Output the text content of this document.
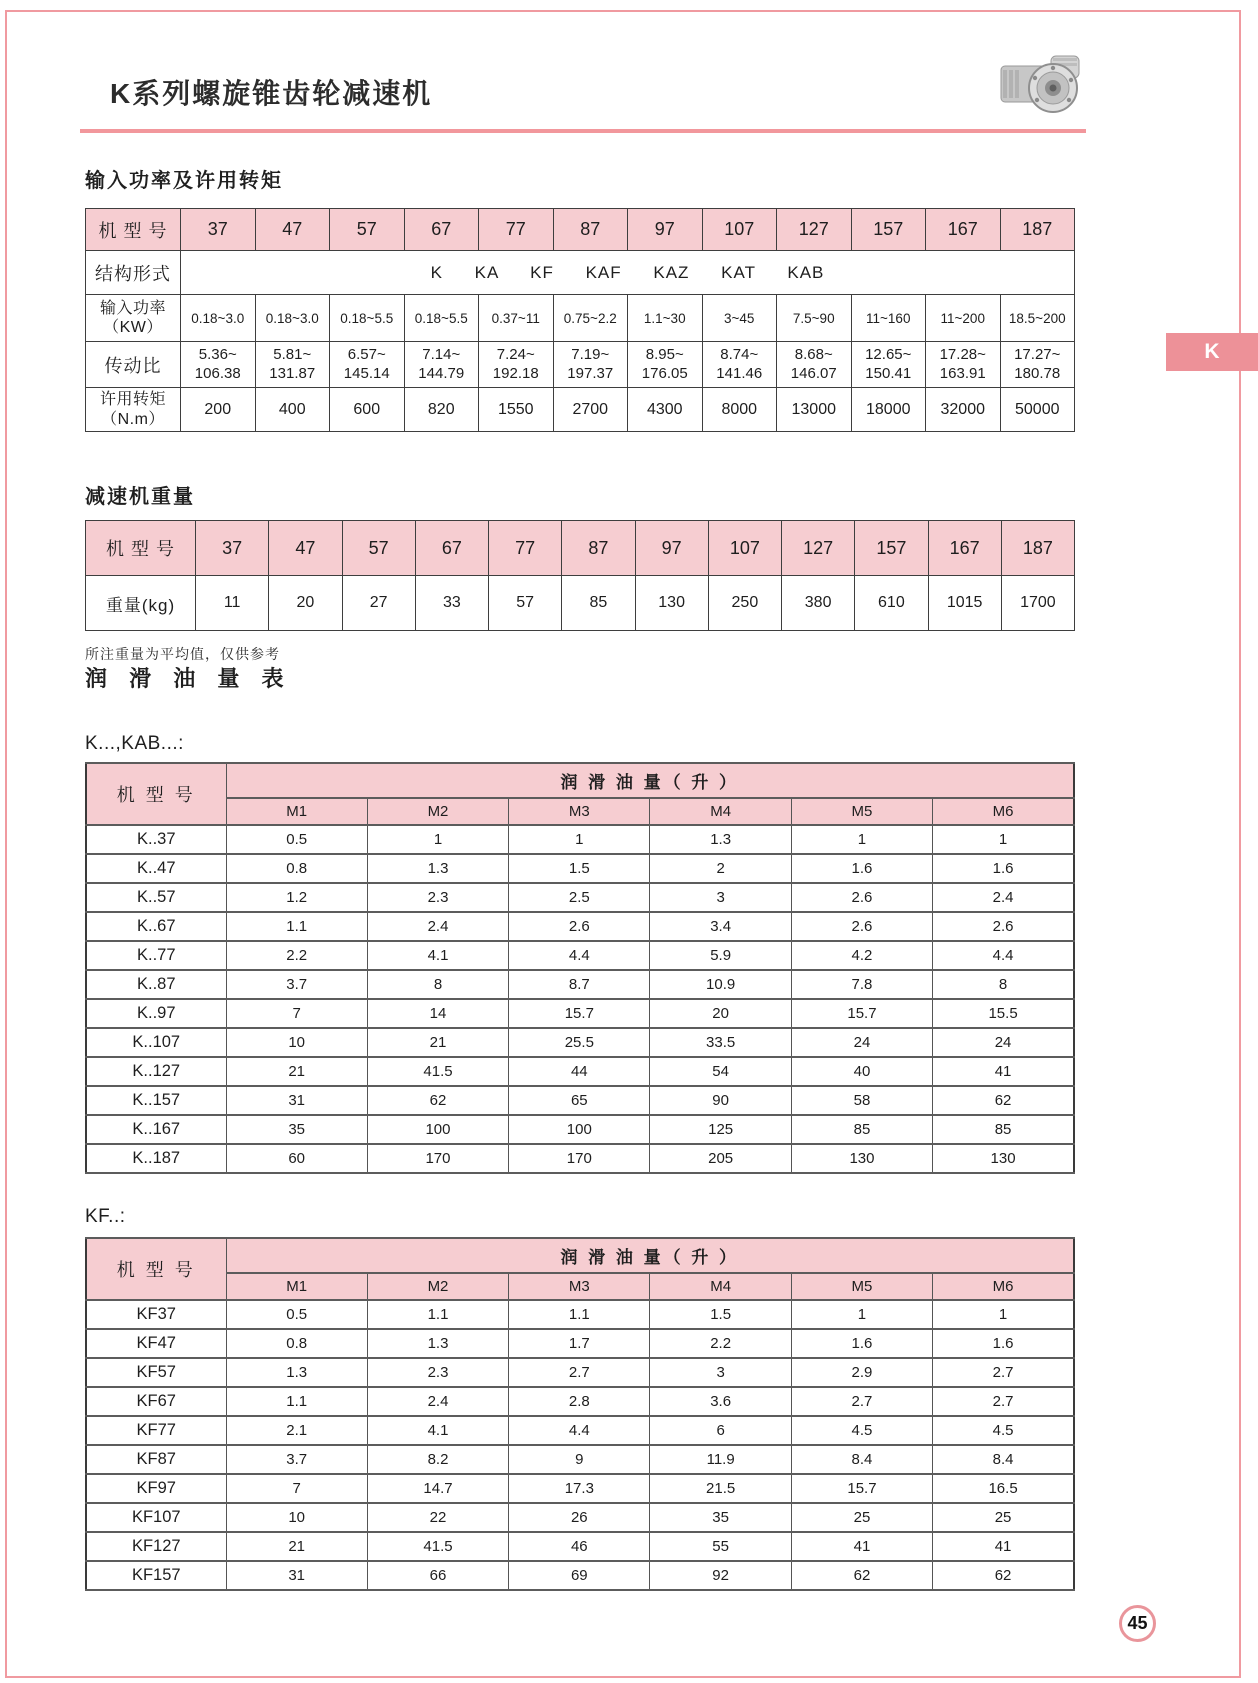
K系列螺旋锥齿轮减速机
K
输入功率及许用转矩
机 型 号	37	47	57	67	77	87	97	107	127	157	167	187
结构形式	K KA KF KAF KAZ KAT KAB											

输入功率
（KW）	0.18~3.0	0.18~3.0	0.18~5.5	0.18~5.5	0.37~11	0.75~2.2	1.1~30	3~45	7.5~90	11~160	11~200	18.5~200
传动比	5.36~ 106.38	5.81~ 131.87	6.57~ 145.14	7.14~ 144.79	7.24~ 192.18	7.19~ 197.37	8.95~ 176.05	8.74~ 141.46	8.68~ 146.07	12.65~ 150.41	17.28~ 163.91	17.27~ 180.78

许用转矩
（N.m）	200	400	600	820	1550	2700	4300	8000	13000	18000	32000	50000
减速机重量
机 型 号	37	47	57	67	77	87	97	107	127	157	167	187
重量(kg)	11	20	27	33	57	85	130	250	380	610	1015	1700
所注重量为平均值，仅供参考
润 滑 油 量 表
K...,KAB...:
机 型 号	润 滑 油 量（ 升 ）					
	M1	M2	M3	M4	M5	M6
K..37	0.5	1	1	1.3	1	1
K..47	0.8	1.3	1.5	2	1.6	1.6
K..57	1.2	2.3	2.5	3	2.6	2.4
K..67	1.1	2.4	2.6	3.4	2.6	2.6
K..77	2.2	4.1	4.4	5.9	4.2	4.4
K..87	3.7	8	8.7	10.9	7.8	8
K..97	7	14	15.7	20	15.7	15.5
K..107	10	21	25.5	33.5	24	24
K..127	21	41.5	44	54	40	41
K..157	31	62	65	90	58	62
K..167	35	100	100	125	85	85
K..187	60	170	170	205	130	130
KF..:
机 型 号	润 滑 油 量（ 升 ）					
	M1	M2	M3	M4	M5	M6
KF37	0.5	1.1	1.1	1.5	1	1
KF47	0.8	1.3	1.7	2.2	1.6	1.6
KF57	1.3	2.3	2.7	3	2.9	2.7
KF67	1.1	2.4	2.8	3.6	2.7	2.7
KF77	2.1	4.1	4.4	6	4.5	4.5
KF87	3.7	8.2	9	11.9	8.4	8.4
KF97	7	14.7	17.3	21.5	15.7	16.5
KF107	10	22	26	35	25	25
KF127	21	41.5	46	55	41	41
KF157	31	66	69	92	62	62
45
